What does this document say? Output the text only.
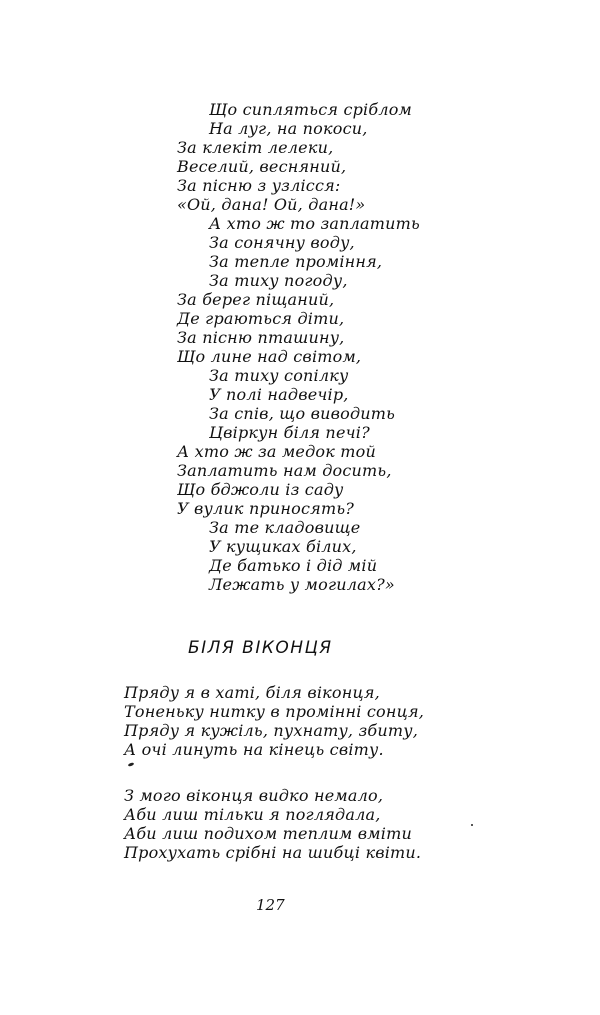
Що сипляться сріблом
На луг, на покоси,
За клекіт лелеки,
Веселий, весняний,
За пісню з узлісся:
«Ой, дана! Ой, дана!»
А хто ж то заплатить
За сонячну воду,
За тепле проміння,
За тиху погоду,
За берег піщаний,
Де граються діти,
За пісню пташину,
Що лине над світом,
За тиху сопілку
У полі надвечір,
За спів, що виводить
Цвіркун біля печі?
А хто ж за медок той
Заплатить нам досить,
Що бджоли із саду
У вулик приносять?
За те кладовище
У кущиках білих,
Де батько і дід мій
Лежать у могилах?»
БІЛЯ ВІКОНЦЯ
Пряду я в хаті, біля віконця,
Тоненьку нитку в промінні сонця,
Пряду я кужіль, пухнату, збиту,
А очі линуть на кінець світу.
З мого віконця видко немало,
Аби лиш тільки я поглядала,
Аби лиш подихом теплим вміти
Прохухать срібні на шибці квіти.
127
